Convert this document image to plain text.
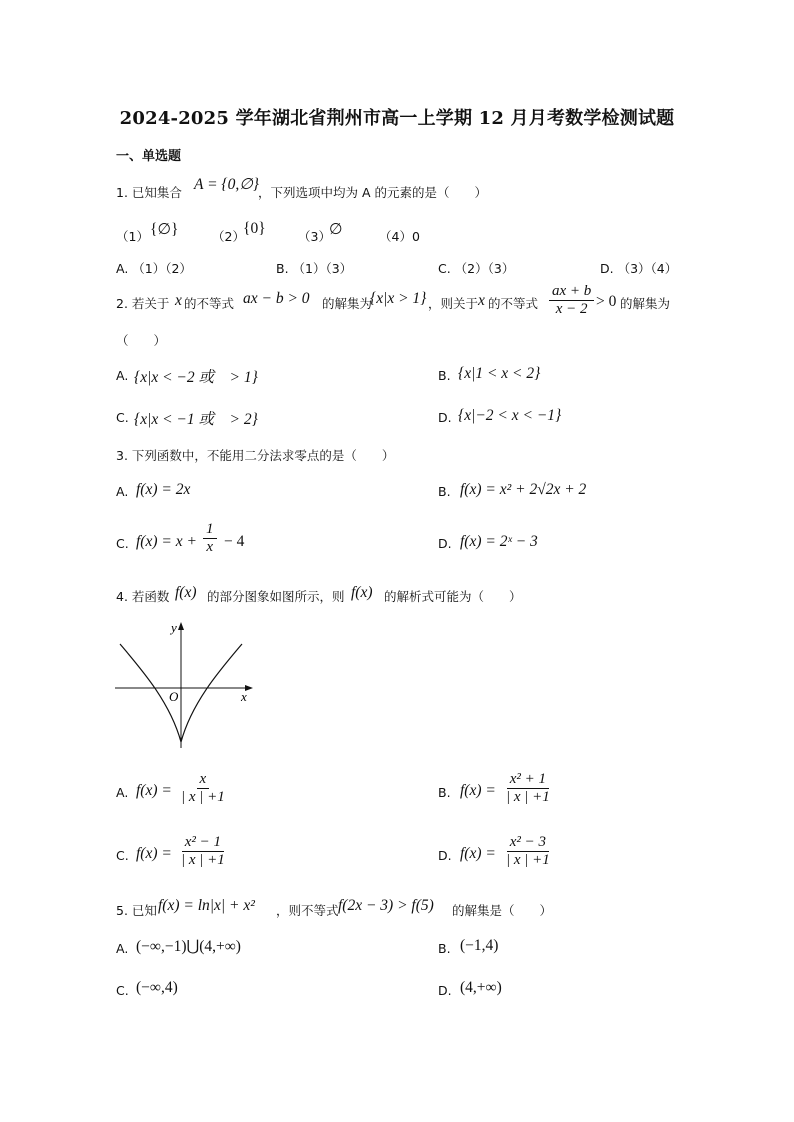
2024-2025 学年湖北省荆州市高一上学期 12 月月考数学检测试题
一、单选题
1. 已知集合 A = {0,∅} ，下列选项中均为 A 的元素的是（　　）
（1） {∅}	（2）
{0}	（3）
∅	（4）0
A. （1）（2）	B. （1）（3）	C. （2）（3）	D. （3）（4）
2. 若关于 x 的不等式 ax − b > 0 的解集为
{x|x > 1} ，则关于 x 的不等式 $\frac{ax + b}{x - 2} > 0$ 的解集为
（　　）
A. {x|x < −2 或　> 1}	B. {x|1 < x < 2}
C. {x|x < −1 或　> 2}	D. {x|−2 < x < −1}
3. 下列函数中，不能用二分法求零点的是（　　）
A. f(x) = 2x	B. f(x) = x² + 2√2x + 2
C. $f(x) = x + \frac{1}{x} - 4$	D. f(x) = 2ˣ − 3
4. 若函数 f(x) 的部分图象如图所示，则 f(x) 的解析式可能为（　　）
y
O	x
A. $f(x) = \frac{x}{| x | +1}$	B. $f(x) = \frac{\text{x² + 1}}{| x | +1}$
C. $f(x) = \frac{\text{x² − 1}}{| x | +1}$	D. $f(x) = \frac{\text{x² − 3}}{| x | +1}$
5. 已知 f(x) = ln|x| + x² ，则不等式 f(2x − 3) > f(5) 的解集是（　　）
A. (−∞,−1)⋃(4,+∞)	B. (−1,4)
C. (−∞,4)	D. (4,+∞)
